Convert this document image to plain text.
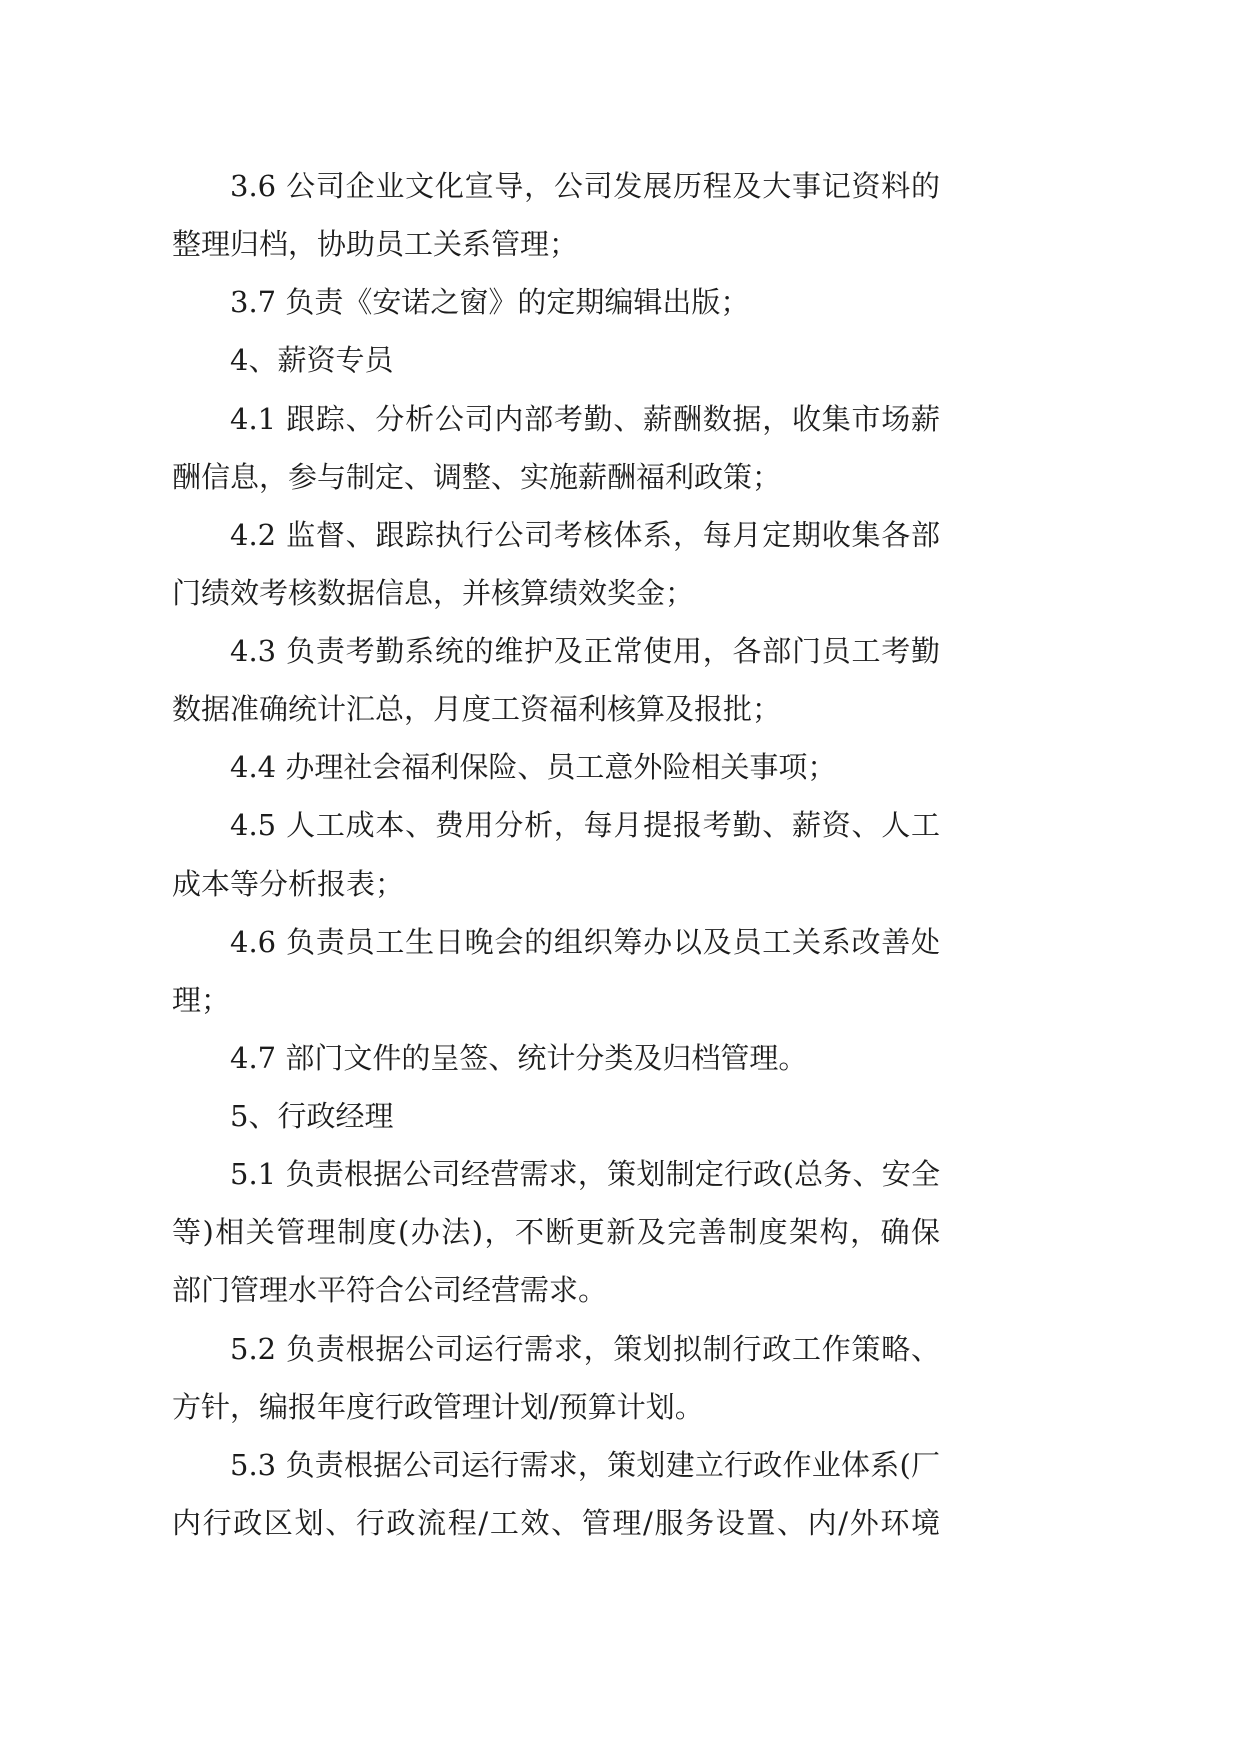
3.6 公司企业文化宣导，公司发展历程及大事记资料的
整理归档，协助员工关系管理；
3.7 负责《安诺之窗》的定期编辑出版；
4、薪资专员
4.1 跟踪、分析公司内部考勤、薪酬数据，收集市场薪
酬信息，参与制定、调整、实施薪酬福利政策；
4.2 监督、跟踪执行公司考核体系，每月定期收集各部
门绩效考核数据信息，并核算绩效奖金；
4.3 负责考勤系统的维护及正常使用，各部门员工考勤
数据准确统计汇总，月度工资福利核算及报批；
4.4 办理社会福利保险、员工意外险相关事项；
4.5 人工成本、费用分析，每月提报考勤、薪资、人工
成本等分析报表；
4.6 负责员工生日晚会的组织筹办以及员工关系改善处
理；
4.7 部门文件的呈签、统计分类及归档管理。
5、行政经理
5.1 负责根据公司经营需求，策划制定行政(总务、安全
等)相关管理制度(办法)，不断更新及完善制度架构，确保
部门管理水平符合公司经营需求。
5.2 负责根据公司运行需求，策划拟制行政工作策略、
方针，编报年度行政管理计划/预算计划。
5.3 负责根据公司运行需求，策划建立行政作业体系(厂
内行政区划、行政流程/工效、管理/服务设置、内/外环境
